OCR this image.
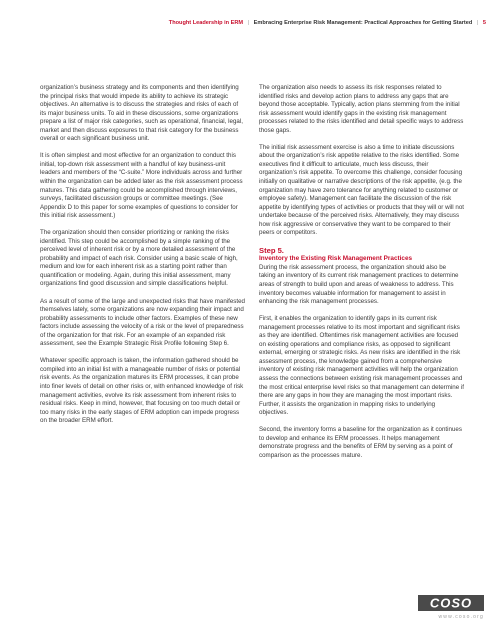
Thought Leadership in ERM | Embracing Enterprise Risk Management: Practical Approaches for Getting Started | 5

organization’s business strategy and its components and then identifying the principal risks that would impede its ability to achieve its strategic objectives. An alternative is to discuss the strategies and risks of each of its major business units. To aid in these discussions, some organizations prepare a list of major risk categories, such as operational, financial, legal, market and then discuss exposures to that risk category for the business overall or each significant business unit.

It is often simplest and most effective for an organization to conduct this initial, top-down risk assessment with a handful of key business-unit leaders and members of the “C-suite.” More individuals across and further within the organization can be added later as the risk assessment process matures. This data gathering could be accomplished through interviews, surveys, facilitated discussion groups or committee meetings. (See Appendix D to this paper for some examples of questions to consider for this initial risk assessment.)

The organization should then consider prioritizing or ranking the risks identified. This step could be accomplished by a simple ranking of the perceived level of inherent risk or by a more detailed assessment of the probability and impact of each risk. Consider using a basic scale of high, medium and low for each inherent risk as a starting point rather than quantification or modeling. Again, during this initial assessment, many organizations find good discussion and simple classifications helpful.

As a result of some of the large and unexpected risks that have manifested themselves lately, some organizations are now expanding their impact and probability assessments to include other factors. Examples of these new factors include assessing the velocity of a risk or the level of preparedness of the organization for that risk. For an example of an expanded risk assessment, see the Example Strategic Risk Profile following Step 6.

Whatever specific approach is taken, the information gathered should be compiled into an initial list with a manageable number of risks or potential risk events. As the organization matures its ERM processes, it can probe into finer levels of detail on other risks or, with enhanced knowledge of risk management activities, evolve its risk assessment from inherent risks to residual risks. Keep in mind, however, that focusing on too much detail or too many risks in the early stages of ERM adoption can impede progress on the broader ERM effort.

The organization also needs to assess its risk responses related to identified risks and develop action plans to address any gaps that are beyond those acceptable. Typically, action plans stemming from the initial risk assessment would identify gaps in the existing risk management processes related to the risks identified and detail specific ways to address those gaps.

The initial risk assessment exercise is also a time to initiate discussions about the organization’s risk appetite relative to the risks identified. Some executives find it difficult to articulate, much less discuss, their organization’s risk appetite. To overcome this challenge, consider focusing initially on qualitative or narrative descriptions of the risk appetite, (e.g. the organization may have zero tolerance for anything related to customer or employee safety). Management can facilitate the discussion of the risk appetite by identifying types of activities or products that they will or will not undertake because of the perceived risks. Alternatively, they may discuss how risk aggressive or conservative they want to be compared to their peers or competitors.

Step 5.
Inventory the Existing Risk Management Practices

During the risk assessment process, the organization should also be taking an inventory of its current risk management practices to determine areas of strength to build upon and areas of weakness to address. This inventory becomes valuable information for management to assist in enhancing the risk management processes.

First, it enables the organization to identify gaps in its current risk management processes relative to its most important and significant risks as they are identified. Oftentimes risk management activities are focused on existing operations and compliance risks, as opposed to significant external, emerging or strategic risks. As new risks are identified in the risk assessment process, the knowledge gained from a comprehensive inventory of existing risk management activities will help the organization assess the connections between existing risk management processes and the most critical enterprise level risks so that management can determine if there are any gaps in how they are managing the most important risks. Further, it assists the organization in mapping risks to underlying objectives.

Second, the inventory forms a baseline for the organization as it continues to develop and enhance its ERM processes. It helps management demonstrate progress and the benefits of ERM by serving as a point of comparison as the processes mature.

COSO
www.coso.org
